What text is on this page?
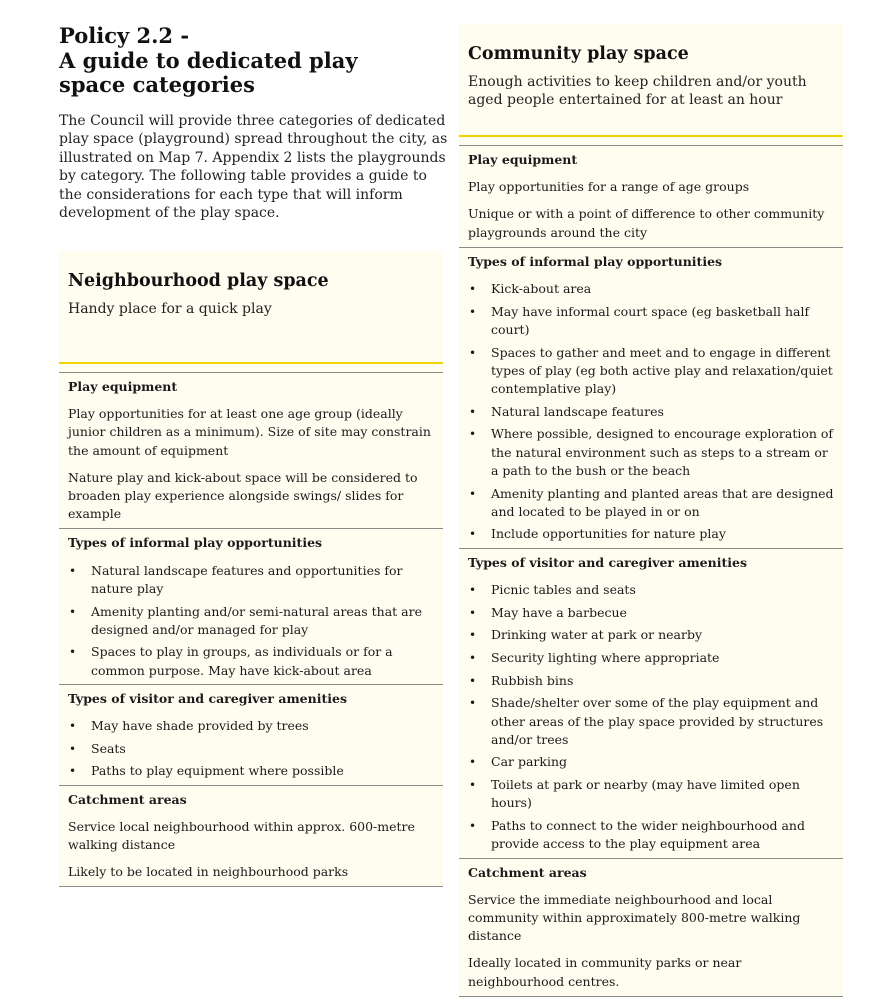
Policy 2.2 -
A guide to dedicated play
space categories

The Council will provide three categories of dedicated play space (playground) spread throughout the city, as illustrated on Map 7. Appendix 2 lists the playgrounds by category. The following table provides a guide to the considerations for each type that will inform development of the play space.

Neighbourhood play space

Handy place for a quick play

Play equipment

Play opportunities for at least one age group (ideally junior children as a minimum). Size of site may constrain the amount of equipment

Nature play and kick-about space will be considered to broaden play experience alongside swings/ slides for example

Types of informal play opportunities
• Natural landscape features and opportunities for nature play
• Amenity planting and/or semi-natural areas that are designed and/or managed for play
• Spaces to play in groups, as individuals or for a common purpose. May have kick-about area
Types of visitor and caregiver amenities
• May have shade provided by trees
• Seats
• Paths to play equipment where possible
Catchment areas

Service local neighbourhood within approx. 600-metre walking distance

Likely to be located in neighbourhood parks

Community play space

Enough activities to keep children and/or youth aged people entertained for at least an hour

Play equipment

Play opportunities for a range of age groups

Unique or with a point of difference to other community playgrounds around the city

Types of informal play opportunities
• Kick-about area
• May have informal court space (eg basketball half court)
• Spaces to gather and meet and to engage in different types of play (eg both active play and relaxation/quiet contemplative play)
• Natural landscape features
• Where possible, designed to encourage exploration of the natural environment such as steps to a stream or a path to the bush or the beach
• Amenity planting and planted areas that are designed and located to be played in or on
• Include opportunities for nature play
Types of visitor and caregiver amenities
• Picnic tables and seats
• May have a barbecue
• Drinking water at park or nearby
• Security lighting where appropriate
• Rubbish bins
• Shade/shelter over some of the play equipment and other areas of the play space provided by structures and/or trees
• Car parking
• Toilets at park or nearby (may have limited open hours)
• Paths to connect to the wider neighbourhood and provide access to the play equipment area
Catchment areas

Service the immediate neighbourhood and local community within approximately 800-metre walking distance

Ideally located in community parks or near neighbourhood centres.
